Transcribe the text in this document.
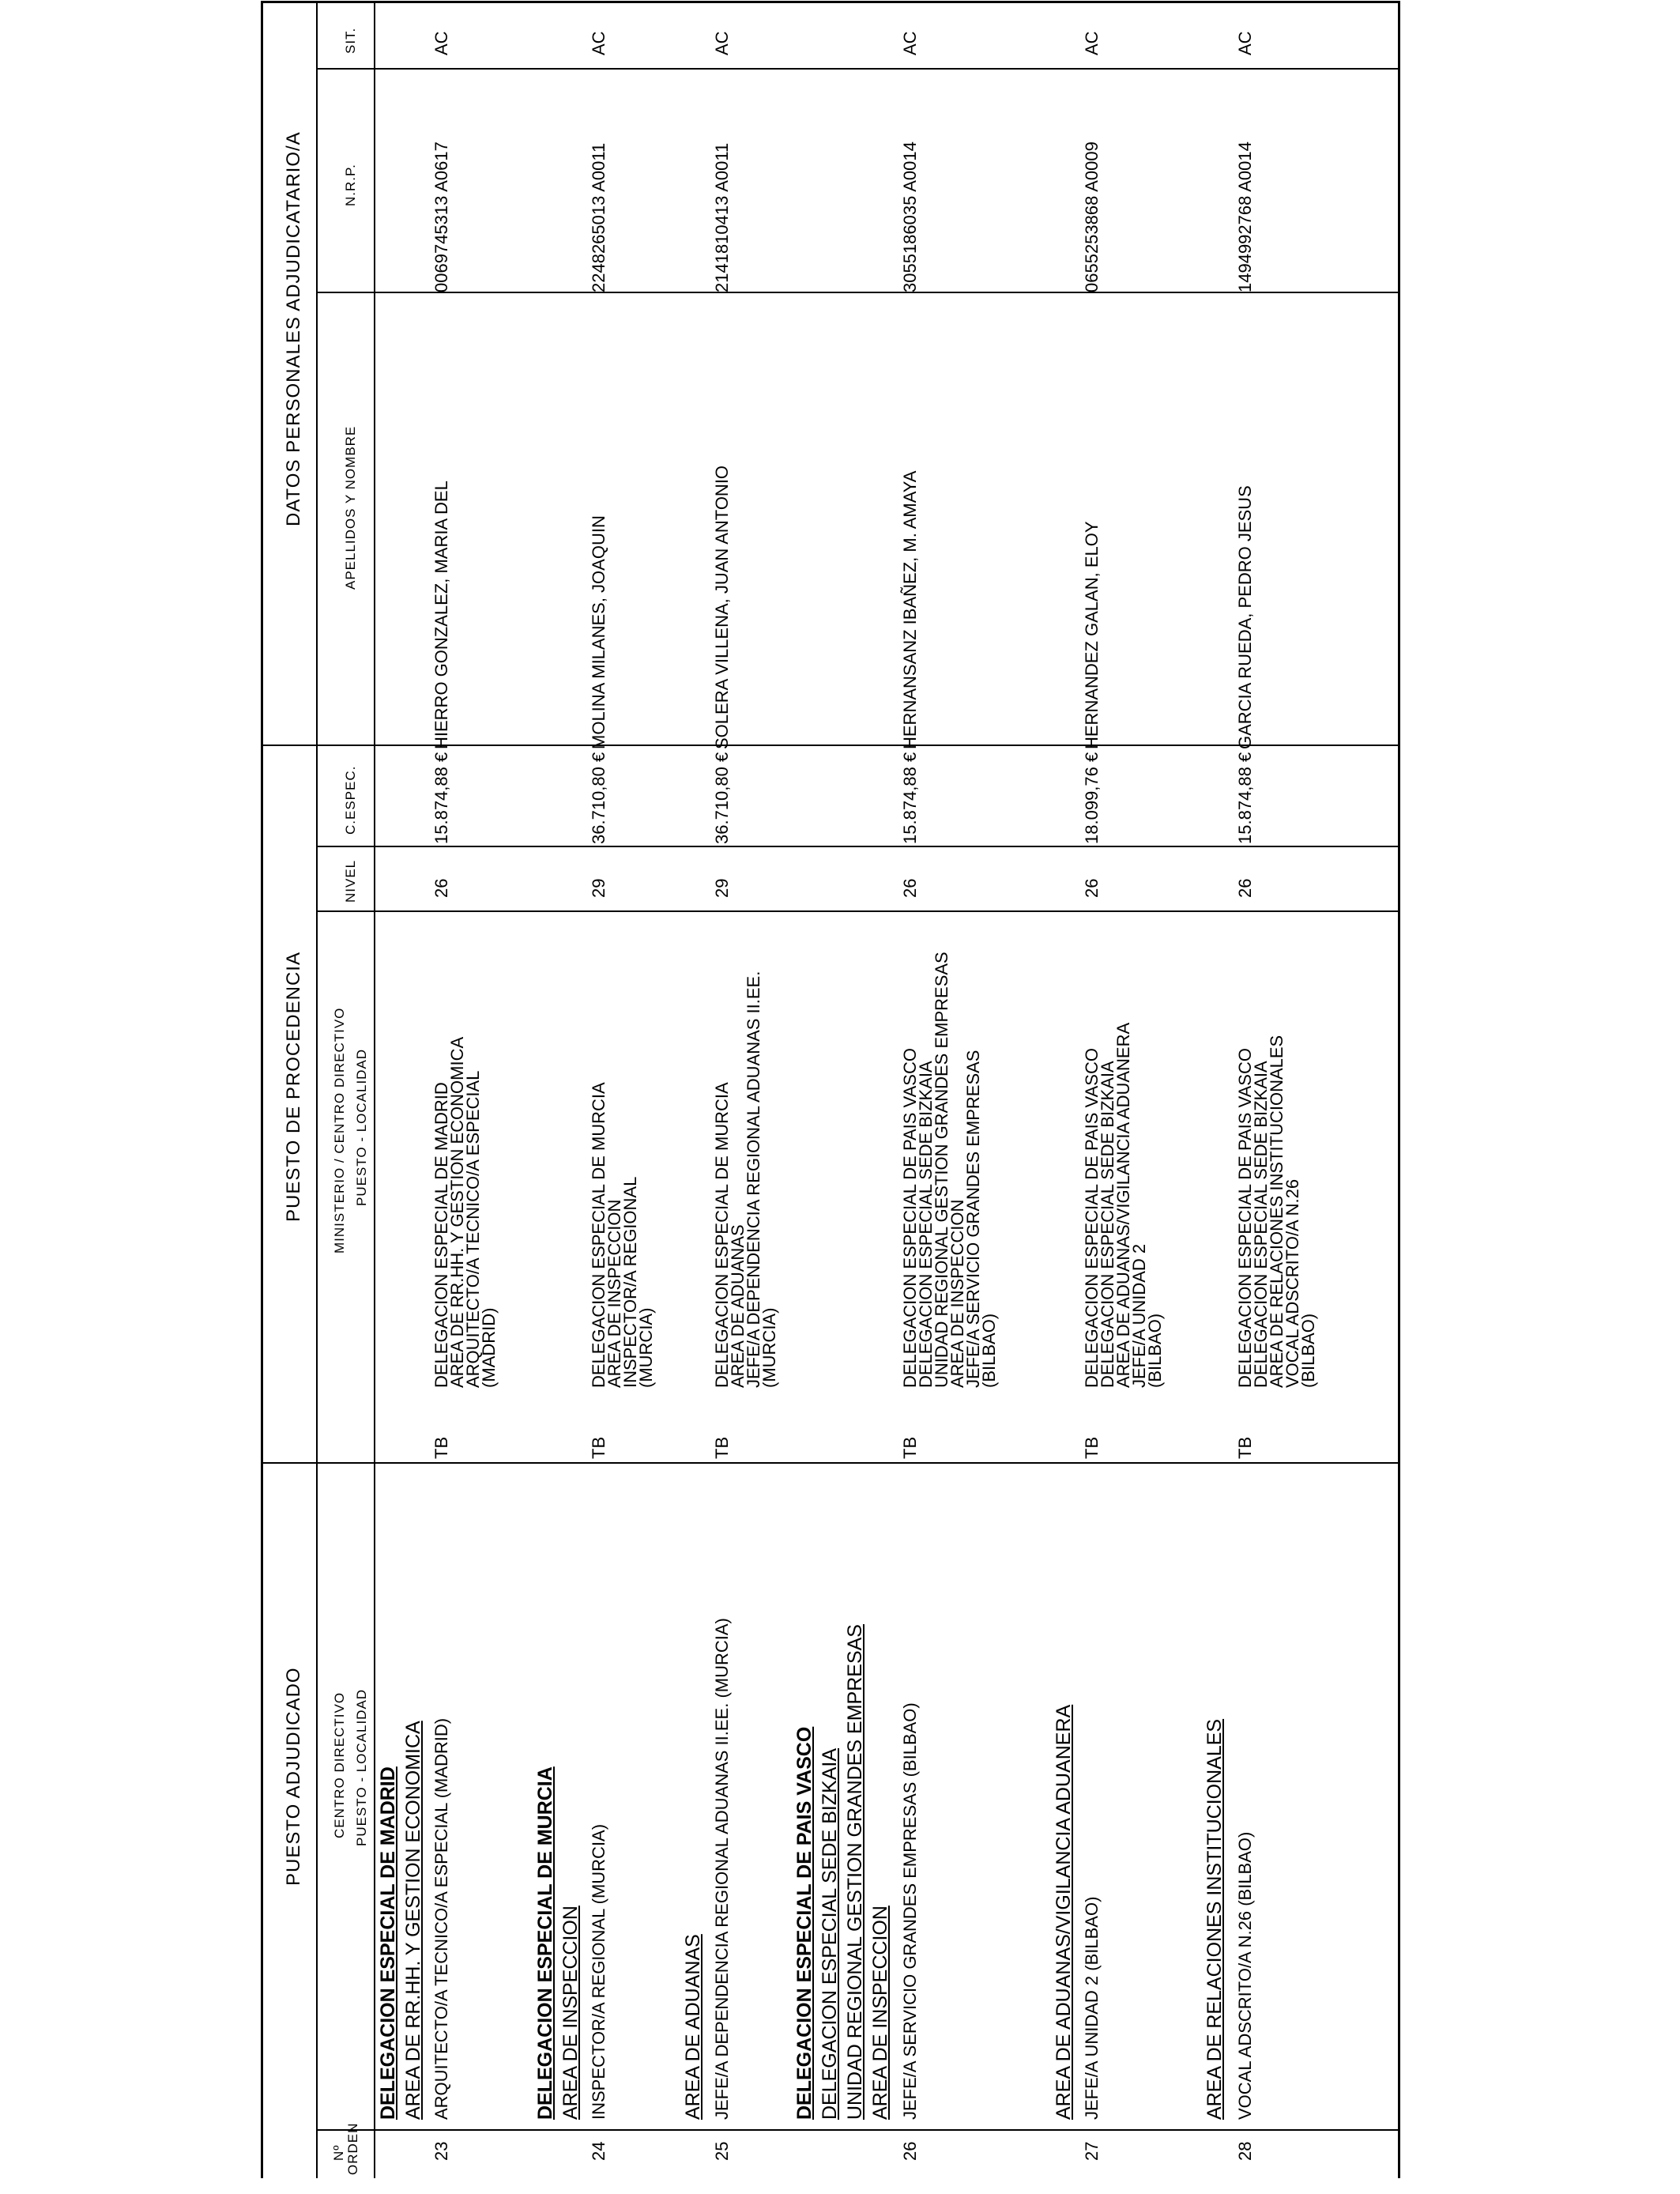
PUESTO ADJUDICADO
PUESTO DE PROCEDENCIA
DATOS PERSONALES ADJUDICATARIO/A
Nº ORDEN
CENTRO DIRECTIVO PUESTO - LOCALIDAD
MINISTERIO / CENTRO DIRECTIVO PUESTO - LOCALIDAD
NIVEL
C.ESPEC.
APELLIDOS Y NOMBRE
N.R.P.
SIT.
DELEGACION ESPECIAL DE MADRID AREA DE RR.HH. Y GESTION ECONOMICA
23
ARQUITECTO/A TECNICO/A ESPECIAL (MADRID)
TB
DELEGACION ESPECIAL DE MADRID
AREA DE RR.HH. Y GESTION ECONOMICA
ARQUITECTO/A TECNICO/A ESPECIAL
(MADRID)
26
15.874,88 €
HIERRO GONZALEZ, MARIA DEL
0069745313 A0617
AC
DELEGACION ESPECIAL DE MURCIA AREA DE INSPECCION
24
INSPECTOR/A REGIONAL (MURCIA)
TB
DELEGACION ESPECIAL DE MURCIA
AREA DE INSPECCION
INSPECTOR/A REGIONAL
(MURCIA)
29
36.710,80 €
MOLINA MILANES, JOAQUIN
2248265013 A0011
AC
AREA DE ADUANAS
25
JEFE/A DEPENDENCIA REGIONAL ADUANAS II.EE. (MURCIA)
TB
DELEGACION ESPECIAL DE MURCIA
AREA DE ADUANAS
JEFE/A DEPENDENCIA REGIONAL ADUANAS II.EE.
(MURCIA)
29
36.710,80 €
SOLERA VILLENA, JUAN ANTONIO
2141810413 A0011
AC
DELEGACION ESPECIAL DE PAIS VASCO DELEGACION ESPECIAL SEDE BIZKAIA UNIDAD REGIONAL GESTION GRANDES EMPRESAS AREA DE INSPECCION
26
JEFE/A SERVICIO GRANDES EMPRESAS (BILBAO)
TB
DELEGACION ESPECIAL DE PAIS VASCO
DELEGACION ESPECIAL SEDE BIZKAIA
UNIDAD REGIONAL GESTION GRANDES EMPRESAS
AREA DE INSPECCION
JEFE/A SERVICIO GRANDES EMPRESAS
(BILBAO)
26
15.874,88 €
HERNANSANZ IBAÑEZ, M. AMAYA
3055186035 A0014
AC
AREA DE ADUANAS/VIGILANCIA ADUANERA
27
JEFE/A UNIDAD 2 (BILBAO)
TB
DELEGACION ESPECIAL DE PAIS VASCO
DELEGACION ESPECIAL SEDE BIZKAIA
AREA DE ADUANAS/VIGILANCIA ADUANERA
JEFE/A UNIDAD 2
(BILBAO)
26
18.099,76 €
HERNANDEZ GALAN, ELOY
0655253868 A0009
AC
AREA DE RELACIONES INSTITUCIONALES
28
VOCAL ADSCRITO/A N.26 (BILBAO)
TB
DELEGACION ESPECIAL DE PAIS VASCO
DELEGACION ESPECIAL SEDE BIZKAIA
AREA DE RELACIONES INSTITUCIONALES
VOCAL ADSCRITO/A N.26
(BILBAO)
26
15.874,88 €
GARCIA RUEDA, PEDRO JESUS
1494992768 A0014
AC
